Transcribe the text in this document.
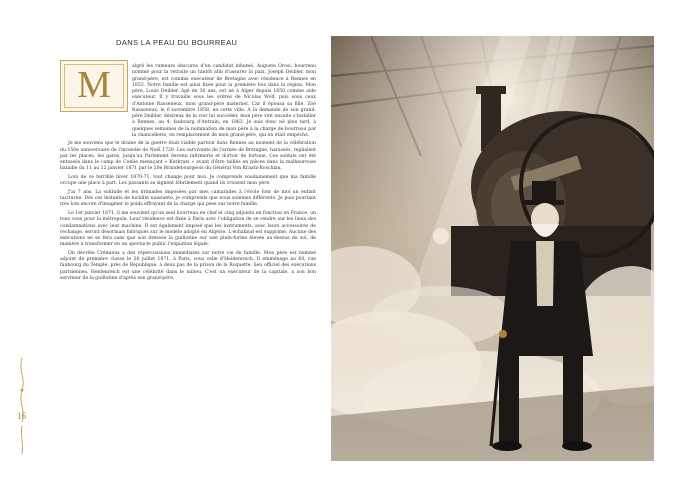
DANS LA PEAU DU BOURREAU
M	algré les rumeurs obscures d'un candidat inhumé, Auguste Orosi, bourreau nommé pour la retraite un tantôt afin d'assurer la paix, Joseph Deibler, mon grand-père, est commis exécuteur de Bretagne avec résidence à Rennes en 1853. Notre famille est ainsi fixée pour la première fois dans la région. Mon père, Louis Deibler, âgé de 30 ans, est né à Alger depuis 1850 comme aide exécuteur. Il y travaille sous les ordres de Nicolas Wolf, puis sous ceux d'Antoine Rasseneux, mon grand-père maternel. Car il épousa sa fille, Zoé Rasseneux, le 6 novembre 1858, en cette ville. À la demande de son grand-père Deibler, désireux de la voir lui succéder, mon père vint ensuite s'installer à Rennes, au 4, faubourg d'Antrain, en 1863. Je suis donc né plus tard, à quelques semaines de la nomination de mon père à la charge de bourreau par la chancellerie, en remplacement de mon grand-père, qui en était empêché.

Je me souviens que le drame de la guerre était visible partout dans Rennes au moment de la célébration du 150e anniversaire de l'incendie de Noël 1720. Les survivants de l'armée de Bretagne, harassés, repliaient par les places, les gares, jusqu'au Parlement devenu infirmerie et dortoir de fortune. Ces soldats ont été entassés dans le camp de Conlie menaçant « Kerkrats » avant d'être taillés en pièces dans la malheureuse bataille du 11 au 12 janvier 1871 par le 20e Brandebourgeois du Général Von Kraatz-Koschlau.

Lors de ce terrible hiver 1870-71, tout change pour moi. Je comprends soudainement que ma famille occupe une place à part. Les passants se signent fébrilement quand ils croisent mon père.

J'ai 7 ans. La solitude et les brimades imposées par mes camarades à l'école font de moi un enfant taciturne. Dès ces instants de lucidité naissante, je comprends que nous sommes différents. Je puis pourtant très loin encore d'imaginer le poids effrayant de la charge qui pèse sur notre famille.

Le 1er janvier 1871, il me souvient qu'un seul bourreau en chef et cinq adjoints en fonction en France, un tous ceux pour la métropole. Leur résidence est fixée à Paris avec l'obligation de se rendre sur les lieux des condamnations avec leur machine. Il est également imposé que les instruments, avec leurs accessoires de rechange, seront désormais fabriqués sur le modèle adopté en Algérie. L'échafaud est supprimé. Aucune des exécutions ne se fera sans que soit dressée la guillotine sur une plate-forme élevée au-dessus du sol, de manière à transformer en un spectacle public l'expiation légale.

On décrète Crémieux a des répercussions immédiates sur notre vie de famille. Mon père est nommé adjoint de première classe le 26 juillet 1871, à Paris, sous celle d'Heidenreich. Il emménage au 60, rue faubourg du Temple, près de République, à deux pas de la prison de la Roquette, lieu officiel des exécutions parisiennes. Heidenreich est une célébrité dans le milieu. C'est un exécuteur de la capitale, a son bon serviteur de la guillotine d'après son grand-père.

16
